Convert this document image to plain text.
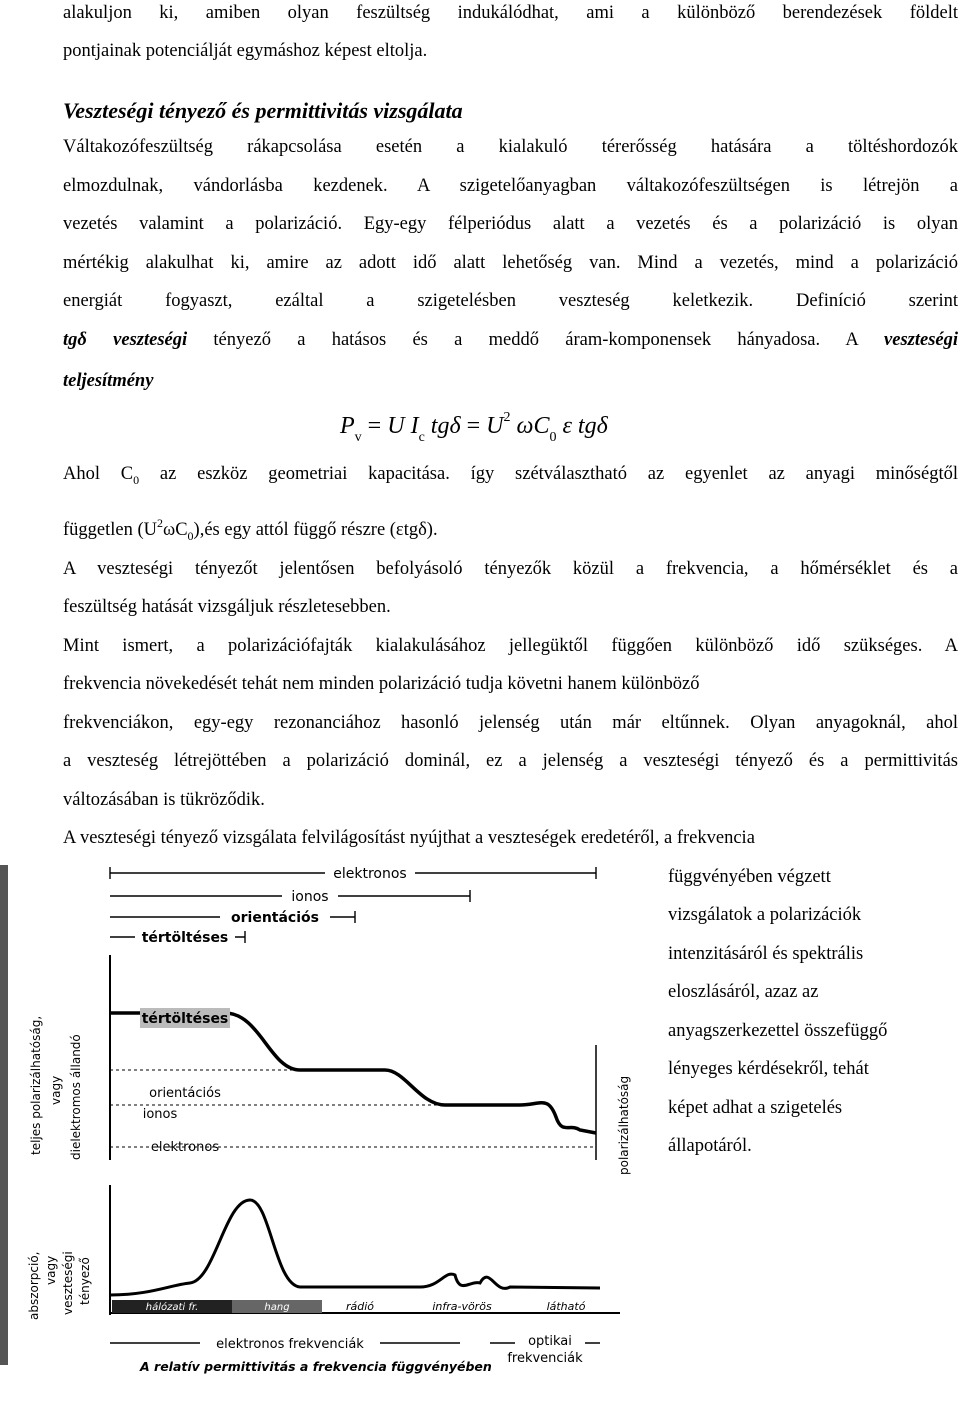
alakuljon ki, amiben olyan feszültség indukálódhat, ami a különböző berendezések földelt
pontjainak potenciálját egymáshoz képest eltolja.
Veszteségi tényező és permittivitás vizsgálata
Váltakozófeszültség rákapcsolása esetén a kialakuló térerősség hatására a töltéshordozók
elmozdulnak, vándorlásba kezdenek. A szigetelőanyagban váltakozófeszültségen is létrejön a
vezetés valamint a polarizáció. Egy-egy félperiódus alatt a vezetés és a polarizáció is olyan
mértékig alakulhat ki, amire az adott idő alatt lehetőség van. Mind a vezetés, mind a polarizáció
energiát fogyaszt, ezáltal a szigetelésben veszteség keletkezik. Definíció szerint
tgδ veszteségi tényező a hatásos és a meddő áram-komponensek hányadosa. A veszteségi
teljesítmény
$P_v = U$ $I_c$ $tg\delta = U^2$ $\omega C_0$ ε tgδ
Ahol $C_0$ az eszköz geometriai kapacitása. így szétválasztható az egyenlet az anyagi minőségtől
független $(U^2\omega C_0),és$ egy attól függő részre (εtgδ).
A veszteségi tényezőt jelentősen befolyásoló tényezők közül a frekvencia, a hőmérséklet és a
feszültség hatását vizsgáljuk részletesebben.
Mint ismert, a polarizációfajták kialakulásához jellegüktől függően különböző idő szükséges. A
frekvencia növekedését tehát nem minden polarizáció tudja követni hanem különböző
frekvenciákon, egy-egy rezonanciához hasonló jelenség után már eltűnnek. Olyan anyagoknál, ahol
a veszteség létrejöttében a polarizáció dominál, ez a jelenség a veszteségi tényező és a permittivitás
változásában is tükröződik.
A veszteségi tényező vizsgálata felvilágosítást nyújthat a veszteségek eredetéről, a frekvencia
függvényében végzett
vizsgálatok a polarizációk
intenzitásáról és spektrális
eloszlásáról, azaz az
anyagszerkezettel összefüggő
lényeges kérdésekről, tehát
képet adhat a szigetelés
állapotáról.
elektronos
ionos
orientációs
tértöltéses
tértöltéses
orientációs
ionos
elektronos
teljes polarizálhatóság, vagy dielektromos állandó	polarizálhatóság
hálózati fr.	hang	rádió	infra-vörös	látható
abszorpció, vagy veszteségi tényező
elektronos frekvenciák	optikai
frekvenciák
A relatív permittivitás a frekvencia függvényében
